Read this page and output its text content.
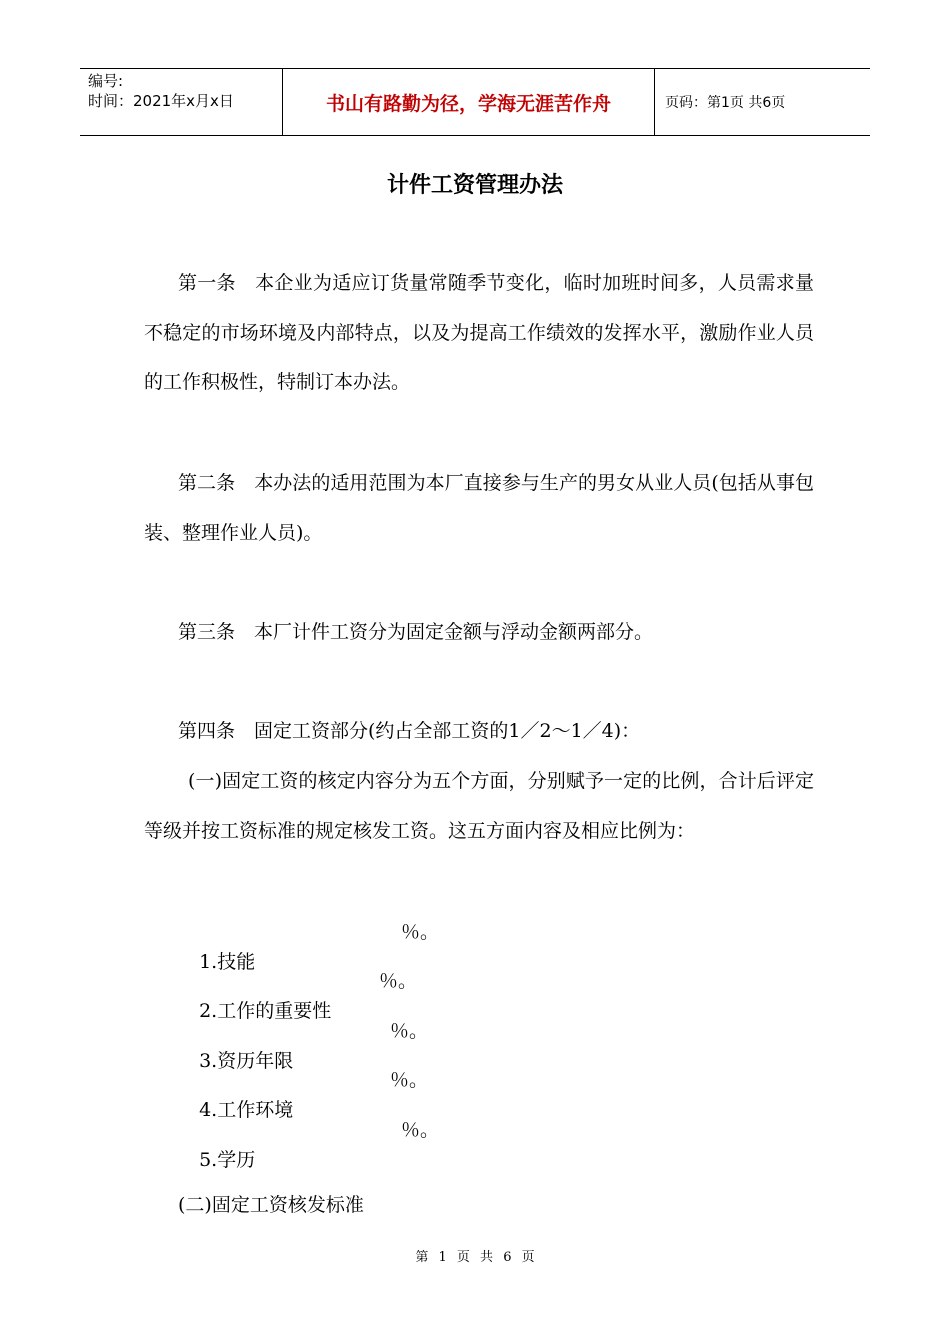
编号:
时间：2021年x月x日	书山有路勤为径，学海无涯苦作舟	页码：第1页 共6页
计件工资管理办法

第一条　本企业为适应订货量常随季节变化，临时加班时间多，人员需求量不稳定的市场环境及内部特点，以及为提高工作绩效的发挥水平，激励作业人员的工作积极性，特制订本办法。

第二条　本办法的适用范围为本厂直接参与生产的男女从业人员(包括从事包装、整理作业人员)。

第三条　本厂计件工资分为固定金额与浮动金额两部分。

第四条　固定工资部分(约占全部工资的1／2～1／4)：

(一)固定工资的核定内容分为五个方面，分别赋予一定的比例，合计后评定等级并按工资标准的规定核发工资。这五方面内容及相应比例为：

1.技能

％。

2.工作的重要性

％。

3.资历年限

％。

4.工作环境

％。

5.学历

％。

(二)固定工资核发标准
第 1 页 共 6 页
